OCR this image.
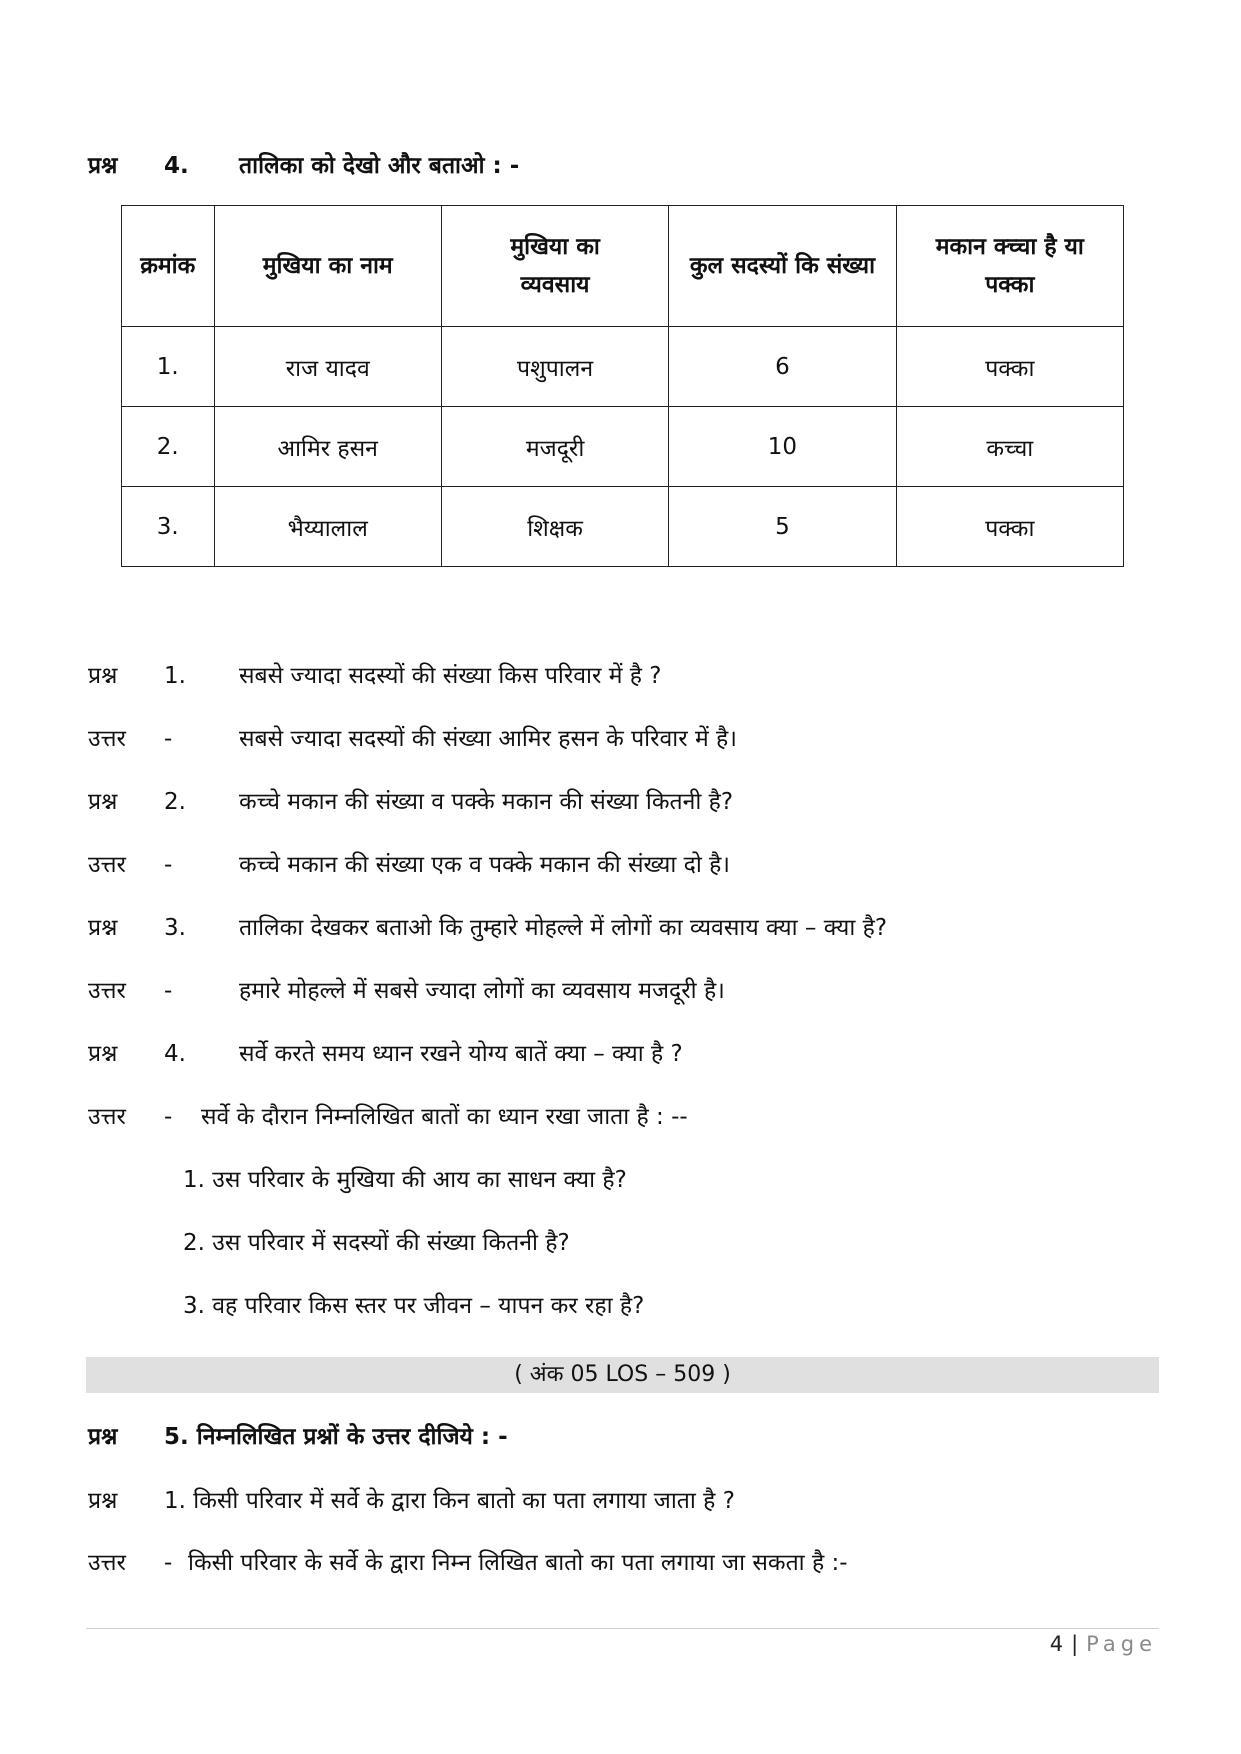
प्रश्न 4. तालिका को देखो और बताओ : -
क्रमांक	मुखिया का नाम	मुखिया का व्यवसाय	कुल सदस्यों कि संख्या	मकान क्च्चा है या पक्का
1.	राज यादव	पशुपालन	6	पक्का
2.	आमिर हसन	मजदूरी	10	कच्चा
3.	भैय्यालाल	शिक्षक	5	पक्का
प्रश्न 1. सबसे ज्यादा सदस्यों की संख्या किस परिवार में है ?
उत्तर -	सबसे ज्यादा सदस्यों की संख्या आमिर हसन के परिवार में है।
प्रश्न 2. कच्चे मकान की संख्या व पक्के मकान की संख्या कितनी है?
उत्तर -	कच्चे मकान की संख्या एक व पक्के मकान की संख्या दो है।
प्रश्न 3. तालिका देखकर बताओ कि तुम्हारे मोहल्ले में लोगों का व्यवसाय क्या – क्या है?
उत्तर -	हमारे मोहल्ले में सबसे ज्यादा लोगों का व्यवसाय मजदूरी है।
प्रश्न 4. सर्वे करते समय ध्यान रखने योग्य बातें क्या – क्या है ?
उत्तर - सर्वे के दौरान निम्नलिखित बातों का ध्यान रखा जाता है : --
1. उस परिवार के मुखिया की आय का साधन क्या है?
2. उस परिवार में सदस्यों की संख्या कितनी है?
3. वह परिवार किस स्तर पर जीवन – यापन कर रहा है?
( अंक 05 LOS – 509 )
प्रश्न 5. निम्नलिखित प्रश्नों के उत्तर दीजिये : -
प्रश्न 1. किसी परिवार में सर्वे के द्वारा किन बातो का पता लगाया जाता है ?
उत्तर - किसी परिवार के सर्वे के द्वारा निम्न लिखित बातो का पता लगाया जा सकता है :-
4 | Page
